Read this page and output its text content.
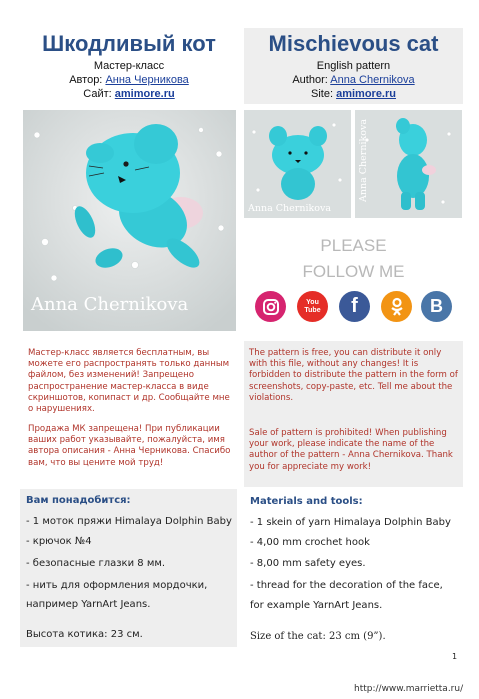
Шкодливый кот
Мастер-класс
Автор: Анна Черникова
Сайт: amimore.ru
Mischievous cat
English pattern
Author: Anna Chernikova
Site: amimore.ru
Anna Chernikova
Anna Chernikova
Anna Chernikova
PLEASE
FOLLOW ME
You Tube f	B
Мастер-класс является бесплатным, вы можете его распространять только данным файлом, без изменений! Запрещено распространение мастер-класса в виде скриншотов, копипаст и др. Сообщайте мне о нарушениях.
Продажа МК запрещена! При публикации ваших работ указывайте, пожалуйста, имя автора описания - Анна Черникова. Спасибо вам, что вы цените мой труд!
The pattern is free, you can distribute it only with this file, without any changes! It is forbidden to distribute the pattern in the form of screenshots, copy-paste, etc. Tell me about the violations.
Sale of pattern is prohibited! When publishing your work, please indicate the name of the author of the pattern - Anna Chernikova. Thank you for appreciate my work!
Вам понадобится:
- 1 моток пряжи Himalaya Dolphin Baby
- крючок №4
- безопасные глазки 8 мм.
- нить для оформления мордочки,
например YarnArt Jeans.
Высота котика: 23 см.
Materials and tools:
- 1 skein of yarn Himalaya Dolphin Baby
- 4,00 mm crochet hook
- 8,00 mm safety eyes.
- thread for the decoration of the face,
for example YarnArt Jeans.
Size of the cat: 23 cm (9”).
1
http://www.marrietta.ru/
